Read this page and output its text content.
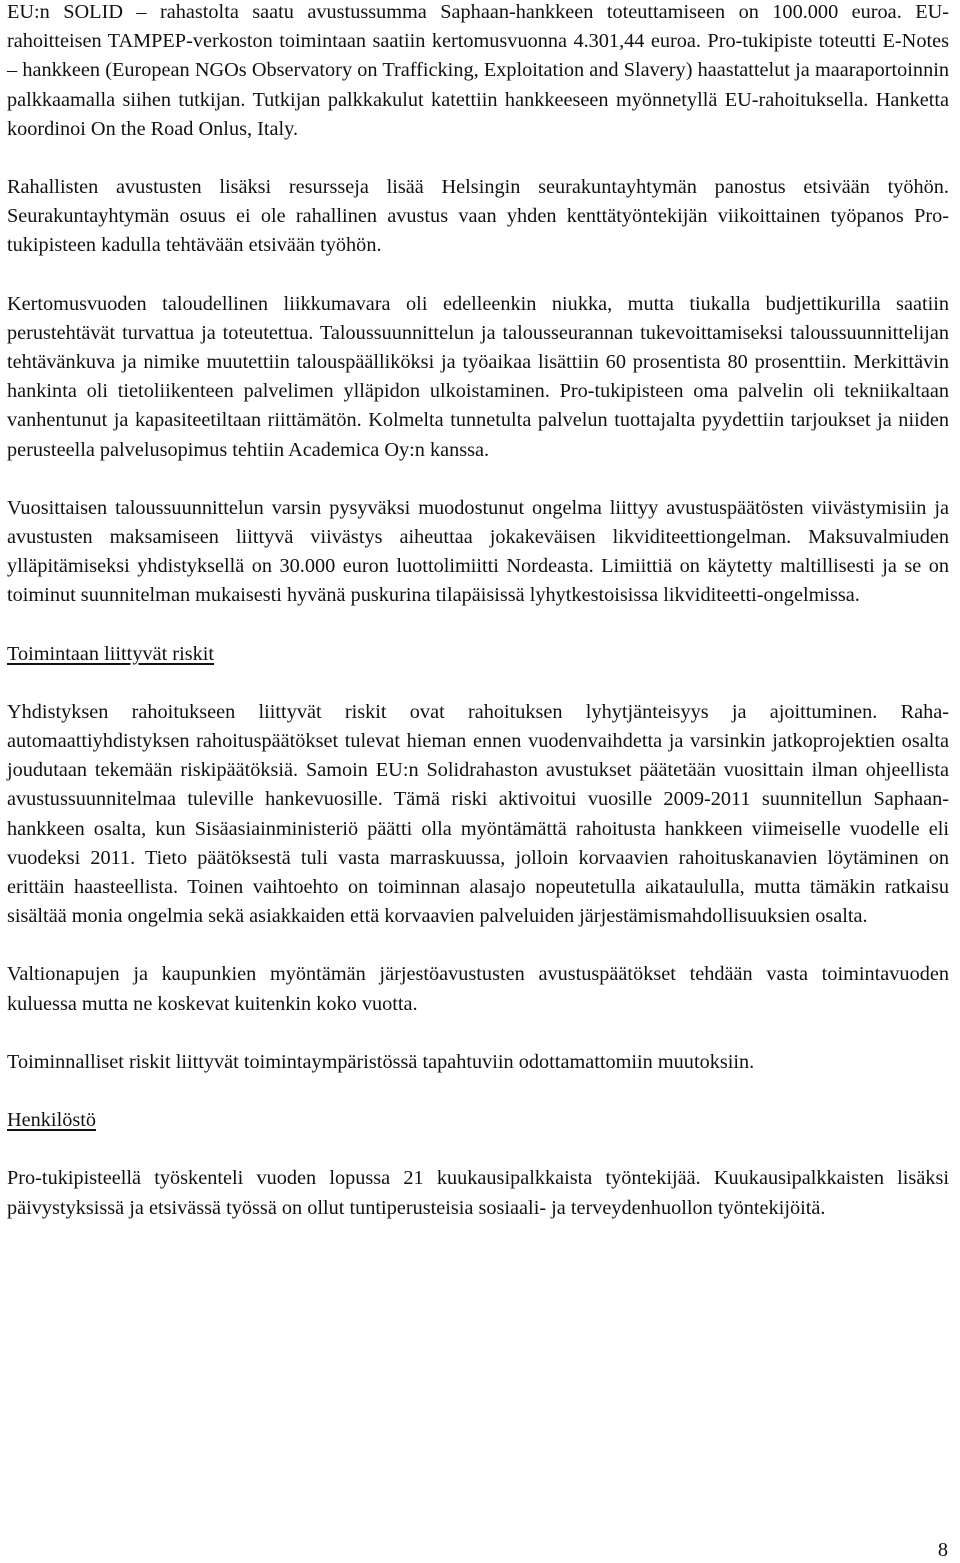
EU:n SOLID – rahastolta saatu avustussumma Saphaan-hankkeen toteuttamiseen on 100.000 euroa. EU-rahoitteisen TAMPEP-verkoston toimintaan saatiin kertomusvuonna 4.301,44 euroa. Pro-tukipiste toteutti E-Notes – hankkeen (European NGOs Observatory on Trafficking, Exploitation and Slavery) haastattelut ja maaraportoinnin palkkaamalla siihen tutkijan. Tutkijan palkkakulut katettiin hankkeeseen myönnetyllä EU-rahoituksella. Hanketta koordinoi On the Road Onlus, Italy.

Rahallisten avustusten lisäksi resursseja lisää Helsingin seurakuntayhtymän panostus etsivään työhön. Seurakuntayhtymän osuus ei ole rahallinen avustus vaan yhden kenttätyöntekijän viikoittainen työpanos Pro-tukipisteen kadulla tehtävään etsivään työhön.

Kertomusvuoden taloudellinen liikkumavara oli edelleenkin niukka, mutta tiukalla budjettikurilla saatiin perustehtävät turvattua ja toteutettua. Taloussuunnittelun ja talousseurannan tukevoittamiseksi taloussuunnittelijan tehtävänkuva ja nimike muutettiin talouspäälliköksi ja työaikaa lisättiin 60 prosentista 80 prosenttiin. Merkittävin hankinta oli tietoliikenteen palvelimen ylläpidon ulkoistaminen. Pro-tukipisteen oma palvelin oli tekniikaltaan vanhentunut ja kapasiteetiltaan riittämätön. Kolmelta tunnetulta palvelun tuottajalta pyydettiin tarjoukset ja niiden perusteella palvelusopimus tehtiin Academica Oy:n kanssa.

Vuosittaisen taloussuunnittelun varsin pysyväksi muodostunut ongelma liittyy avustuspäätösten viivästymisiin ja avustusten maksamiseen liittyvä viivästys aiheuttaa jokakeväisen likviditeettiongelman. Maksuvalmiuden ylläpitämiseksi yhdistyksellä on 30.000 euron luottolimiitti Nordeasta. Limiittiä on käytetty maltillisesti ja se on toiminut suunnitelman mukaisesti hyvänä puskurina tilapäisissä lyhytkestoisissa likviditeetti-ongelmissa.

Toimintaan liittyvät riskit

Yhdistyksen rahoitukseen liittyvät riskit ovat rahoituksen lyhytjänteisyys ja ajoittuminen. Raha-automaattiyhdistyksen rahoituspäätökset tulevat hieman ennen vuodenvaihdetta ja varsinkin jatkoprojektien osalta joudutaan tekemään riskipäätöksiä. Samoin EU:n Solidrahaston avustukset päätetään vuosittain ilman ohjeellista avustussuunnitelmaa tuleville hankevuosille. Tämä riski aktivoitui vuosille 2009-2011 suunnitellun Saphaan-hankkeen osalta, kun Sisäasiainministeriö päätti olla myöntämättä rahoitusta hankkeen viimeiselle vuodelle eli vuodeksi 2011. Tieto päätöksestä tuli vasta marraskuussa, jolloin korvaavien rahoituskanavien löytäminen on erittäin haasteellista. Toinen vaihtoehto on toiminnan alasajo nopeutetulla aikataululla, mutta tämäkin ratkaisu sisältää monia ongelmia sekä asiakkaiden että korvaavien palveluiden järjestämismahdollisuuksien osalta.

Valtionapujen ja kaupunkien myöntämän järjestöavustusten avustuspäätökset tehdään vasta toimintavuoden kuluessa mutta ne koskevat kuitenkin koko vuotta.

Toiminnalliset riskit liittyvät toimintaympäristössä tapahtuviin odottamattomiin muutoksiin.

Henkilöstö

Pro-tukipisteellä työskenteli vuoden lopussa 21 kuukausipalkkaista työntekijää. Kuukausipalkkaisten lisäksi päivystyksissä ja etsivässä työssä on ollut tuntiperusteisia sosiaali- ja terveydenhuollon työntekijöitä.

8
